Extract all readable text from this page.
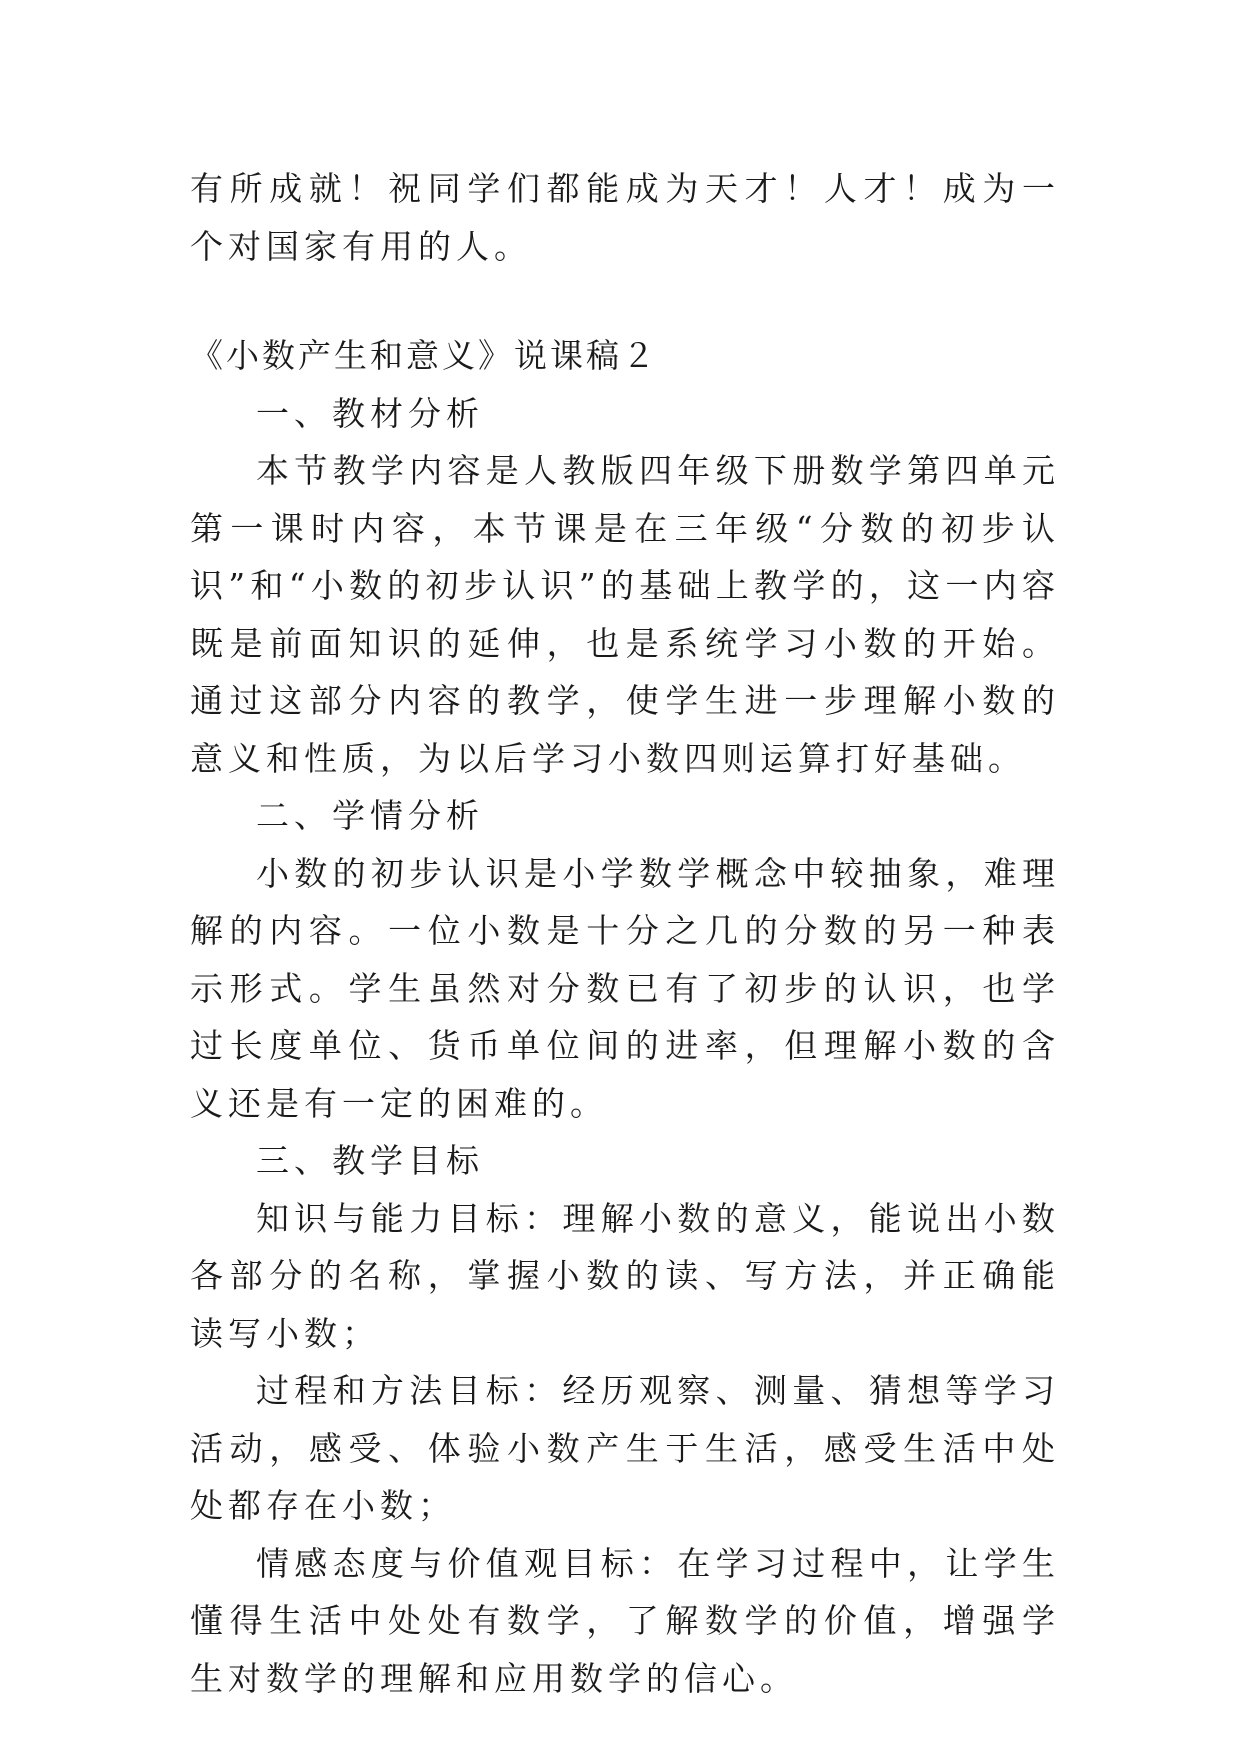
有所成就！祝同学们都能成为天才！人才！成为一个对国家有用的人。

《小数产生和意义》说课稿２

一、教材分析

本节教学内容是人教版四年级下册数学第四单元第一课时内容，本节课是在三年级“分数的初步认识”和“小数的初步认识”的基础上教学的，这一内容既是前面知识的延伸，也是系统学习小数的开始。通过这部分内容的教学，使学生进一步理解小数的意义和性质，为以后学习小数四则运算打好基础。

二、学情分析

小数的初步认识是小学数学概念中较抽象，难理解的内容。一位小数是十分之几的分数的另一种表示形式。学生虽然对分数已有了初步的认识，也学过长度单位、货币单位间的进率，但理解小数的含义还是有一定的困难的。

三、教学目标

知识与能力目标：理解小数的意义，能说出小数各部分的名称，掌握小数的读、写方法，并正确能读写小数；

过程和方法目标：经历观察、测量、猜想等学习活动，感受、体验小数产生于生活，感受生活中处处都存在小数；

情感态度与价值观目标：在学习过程中，让学生懂得生活中处处有数学，了解数学的价值，增强学生对数学的理解和应用数学的信心。
